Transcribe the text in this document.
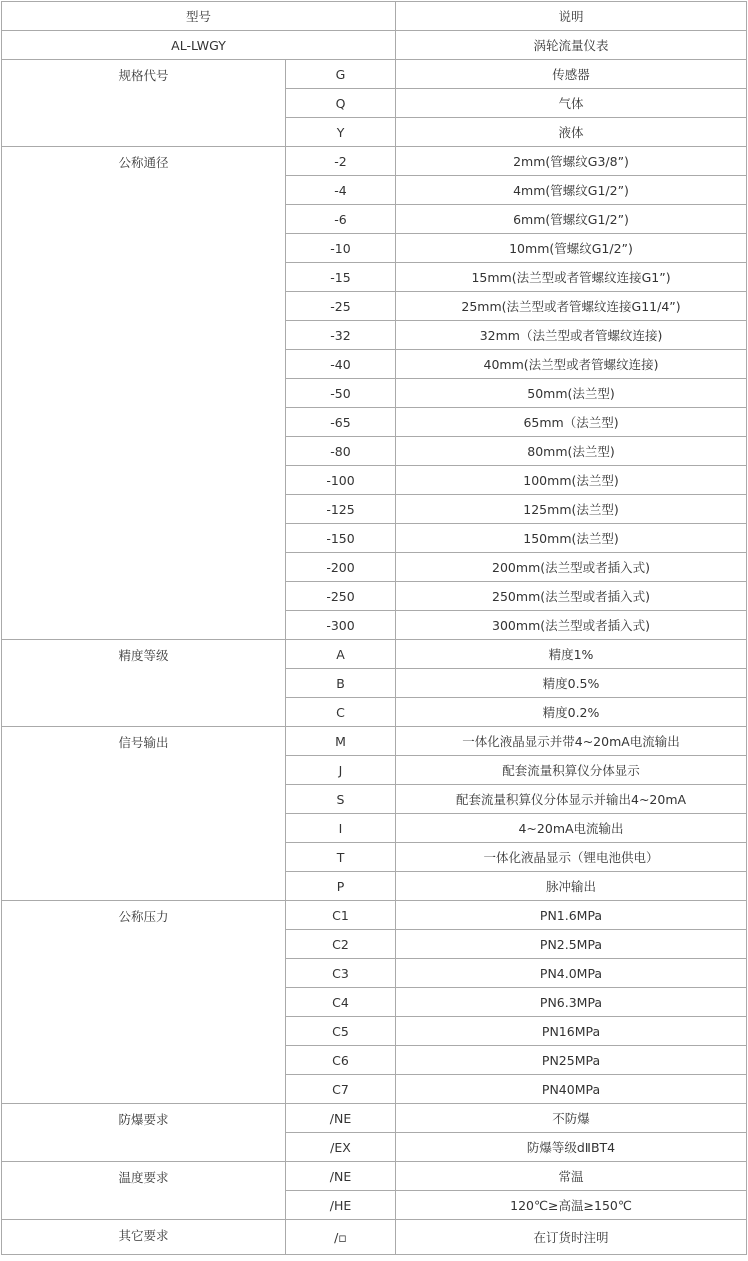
型号		说明
AL-LWGY		涡轮流量仪表
规格代号	G	传感器
	Q	气体
	Y	液体
公称通径	-2	2mm(管螺纹G3/8”)
	-4	4mm(管螺纹G1/2”)
	-6	6mm(管螺纹G1/2”)
	-10	10mm(管螺纹G1/2”)
	-15	15mm(法兰型或者管螺纹连接G1”)
	-25	25mm(法兰型或者管螺纹连接G11/4”)
	-32	32mm（法兰型或者管螺纹连接)
	-40	40mm(法兰型或者管螺纹连接)
	-50	50mm(法兰型)
	-65	65mm（法兰型)
	-80	80mm(法兰型)
	-100	100mm(法兰型)
	-125	125mm(法兰型)
	-150	150mm(法兰型)
	-200	200mm(法兰型或者插入式)
	-250	250mm(法兰型或者插入式)
	-300	300mm(法兰型或者插入式)
精度等级	A	精度1%
	B	精度0.5%
	C	精度0.2%
信号输出	M	一体化液晶显示并带4~20mA电流输出
	J	配套流量积算仪分体显示
	S	配套流量积算仪分体显示并输出4~20mA
	I	4~20mA电流输出
	T	一体化液晶显示（锂电池供电）
	P	脉冲输出
公称压力	C1	PN1.6MPa
	C2	PN2.5MPa
	C3	PN4.0MPa
	C4	PN6.3MPa
	C5	PN16MPa
	C6	PN25MPa
	C7	PN40MPa
防爆要求	/NE	不防爆
	/EX	防爆等级dⅡBT4
温度要求	/NE	常温
	/HE	120℃≥高温≥150℃
其它要求	/▫	在订货时注明
